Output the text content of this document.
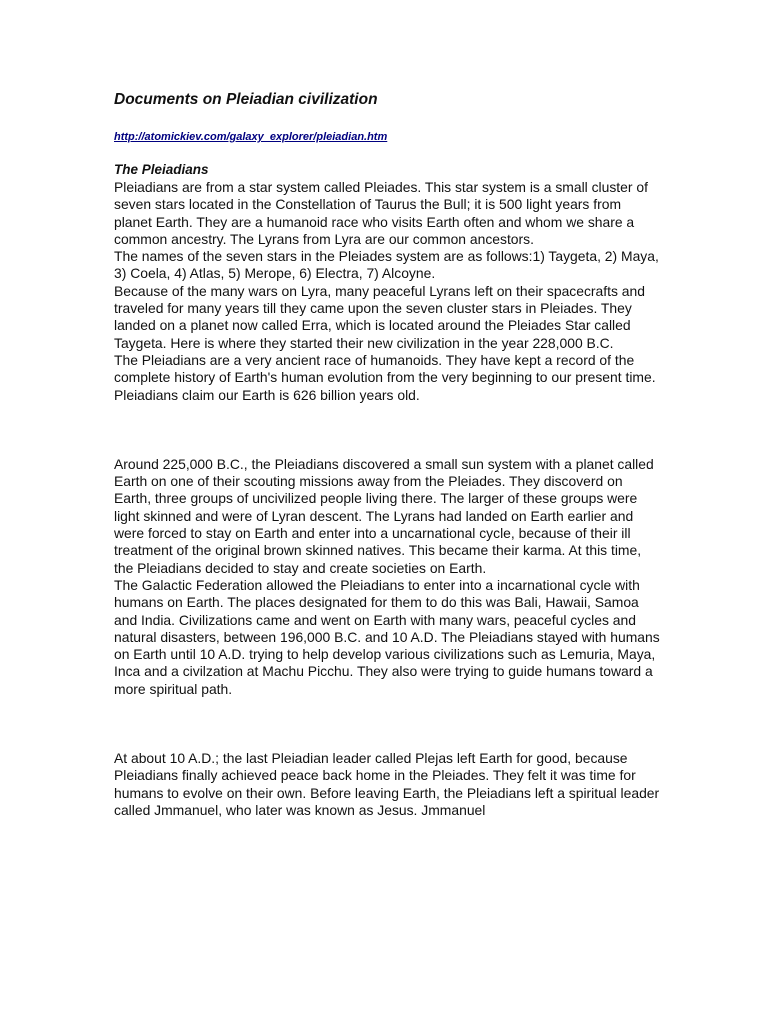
Documents on Pleiadian civilization
http://atomickiev.com/galaxy_explorer/pleiadian.htm
The Pleiadians

Pleiadians are from a star system called Pleiades. This star system is a small cluster of seven stars located in the Constellation of Taurus the Bull; it is 500 light years from planet Earth. They are a humanoid race who visits Earth often and whom we share a common ancestry. The Lyrans from Lyra are our common ancestors.

The names of the seven stars in the Pleiades system are as follows:1) Taygeta, 2) Maya, 3) Coela, 4) Atlas, 5) Merope, 6) Electra, 7) Alcoyne.

Because of the many wars on Lyra, many peaceful Lyrans left on their spacecrafts and traveled for many years till they came upon the seven cluster stars in Pleiades. They landed on a planet now called Erra, which is located around the Pleiades Star called Taygeta. Here is where they started their new civilization in the year 228,000 B.C.

The Pleiadians are a very ancient race of humanoids. They have kept a record of the complete history of Earth's human evolution from the very beginning to our present time. Pleiadians claim our Earth is 626 billion years old.

Around 225,000 B.C., the Pleiadians discovered a small sun system with a planet called Earth on one of their scouting missions away from the Pleiades. They discoverd on Earth, three groups of uncivilized people living there. The larger of these groups were light skinned and were of Lyran descent. The Lyrans had landed on Earth earlier and were forced to stay on Earth and enter into a uncarnational cycle, because of their ill treatment of the original brown skinned natives. This became their karma. At this time, the Pleiadians decided to stay and create societies on Earth.

The Galactic Federation allowed the Pleiadians to enter into a incarnational cycle with humans on Earth. The places designated for them to do this was Bali, Hawaii, Samoa and India. Civilizations came and went on Earth with many wars, peaceful cycles and natural disasters, between 196,000 B.C. and 10 A.D. The Pleiadians stayed with humans on Earth until 10 A.D. trying to help develop various civilizations such as Lemuria, Maya, Inca and a civilzation at Machu Picchu. They also were trying to guide humans toward a more spiritual path.

At about 10 A.D.; the last Pleiadian leader called Plejas left Earth for good, because Pleiadians finally achieved peace back home in the Pleiades. They felt it was time for humans to evolve on their own. Before leaving Earth, the Pleiadians left a spiritual leader called Jmmanuel, who later was known as Jesus. Jmmanuel
